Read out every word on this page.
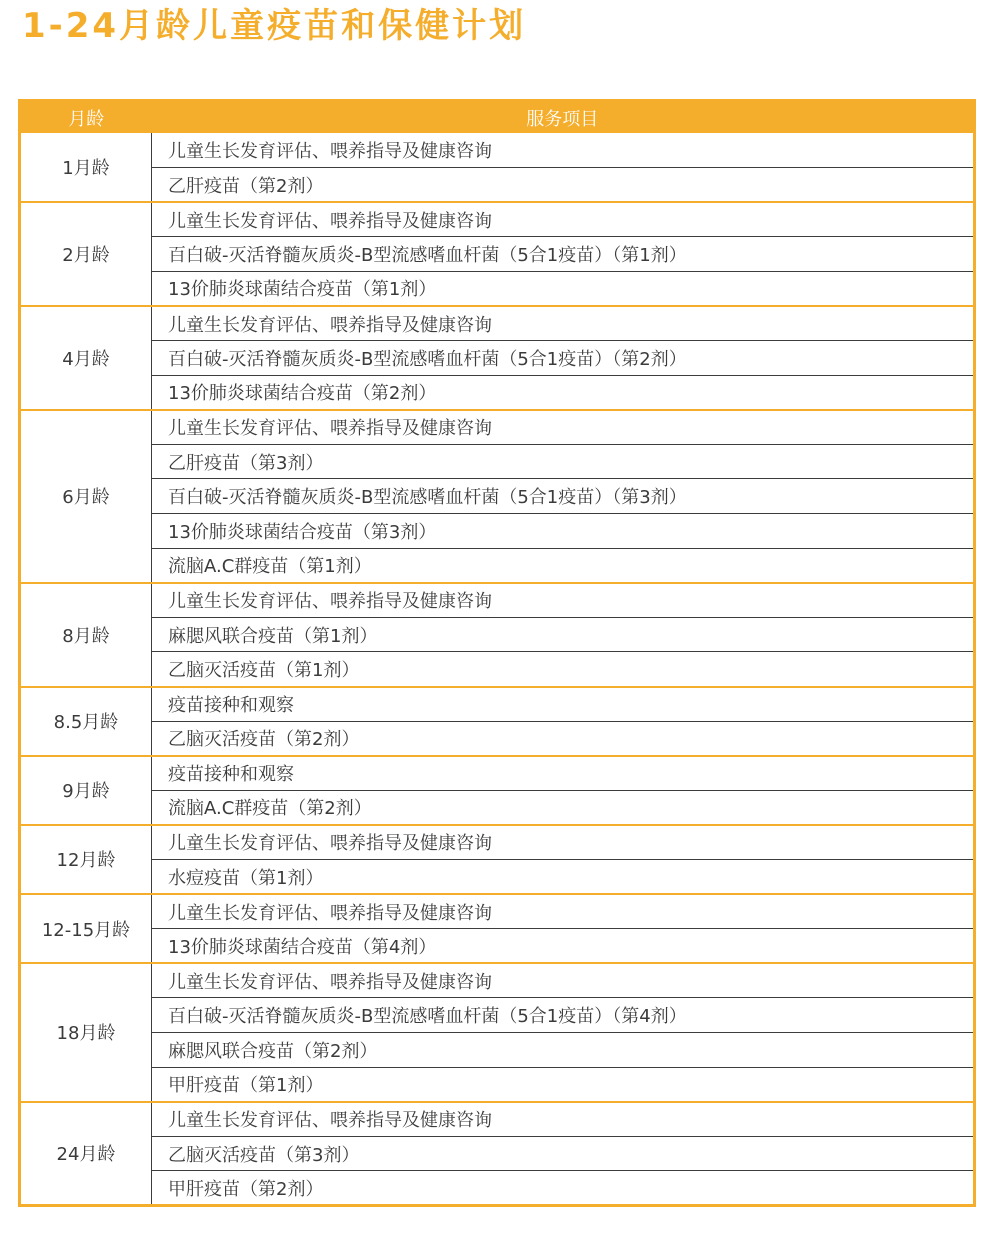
1-24月龄儿童疫苗和保健计划
月龄	服务项目
1月龄	儿童生长发育评估、喂养指导及健康咨询
	乙肝疫苗（第2剂）
2月龄	儿童生长发育评估、喂养指导及健康咨询
	百白破-灭活脊髓灰质炎-B型流感嗜血杆菌（5合1疫苗）（第1剂）
	13价肺炎球菌结合疫苗（第1剂）
4月龄	儿童生长发育评估、喂养指导及健康咨询
	百白破-灭活脊髓灰质炎-B型流感嗜血杆菌（5合1疫苗）（第2剂）
	13价肺炎球菌结合疫苗（第2剂）
6月龄	儿童生长发育评估、喂养指导及健康咨询
	乙肝疫苗（第3剂）
	百白破-灭活脊髓灰质炎-B型流感嗜血杆菌（5合1疫苗）（第3剂）
	13价肺炎球菌结合疫苗（第3剂）
	流脑A.C群疫苗（第1剂）
8月龄	儿童生长发育评估、喂养指导及健康咨询
	麻腮风联合疫苗（第1剂）
	乙脑灭活疫苗（第1剂）
8.5月龄	疫苗接种和观察
	乙脑灭活疫苗（第2剂）
9月龄	疫苗接种和观察
	流脑A.C群疫苗（第2剂）
12月龄	儿童生长发育评估、喂养指导及健康咨询
	水痘疫苗（第1剂）
12-15月龄	儿童生长发育评估、喂养指导及健康咨询
	13价肺炎球菌结合疫苗（第4剂）
18月龄	儿童生长发育评估、喂养指导及健康咨询
	百白破-灭活脊髓灰质炎-B型流感嗜血杆菌（5合1疫苗）（第4剂）
	麻腮风联合疫苗（第2剂）
	甲肝疫苗（第1剂）
24月龄	儿童生长发育评估、喂养指导及健康咨询
	乙脑灭活疫苗（第3剂）
	甲肝疫苗（第2剂）
